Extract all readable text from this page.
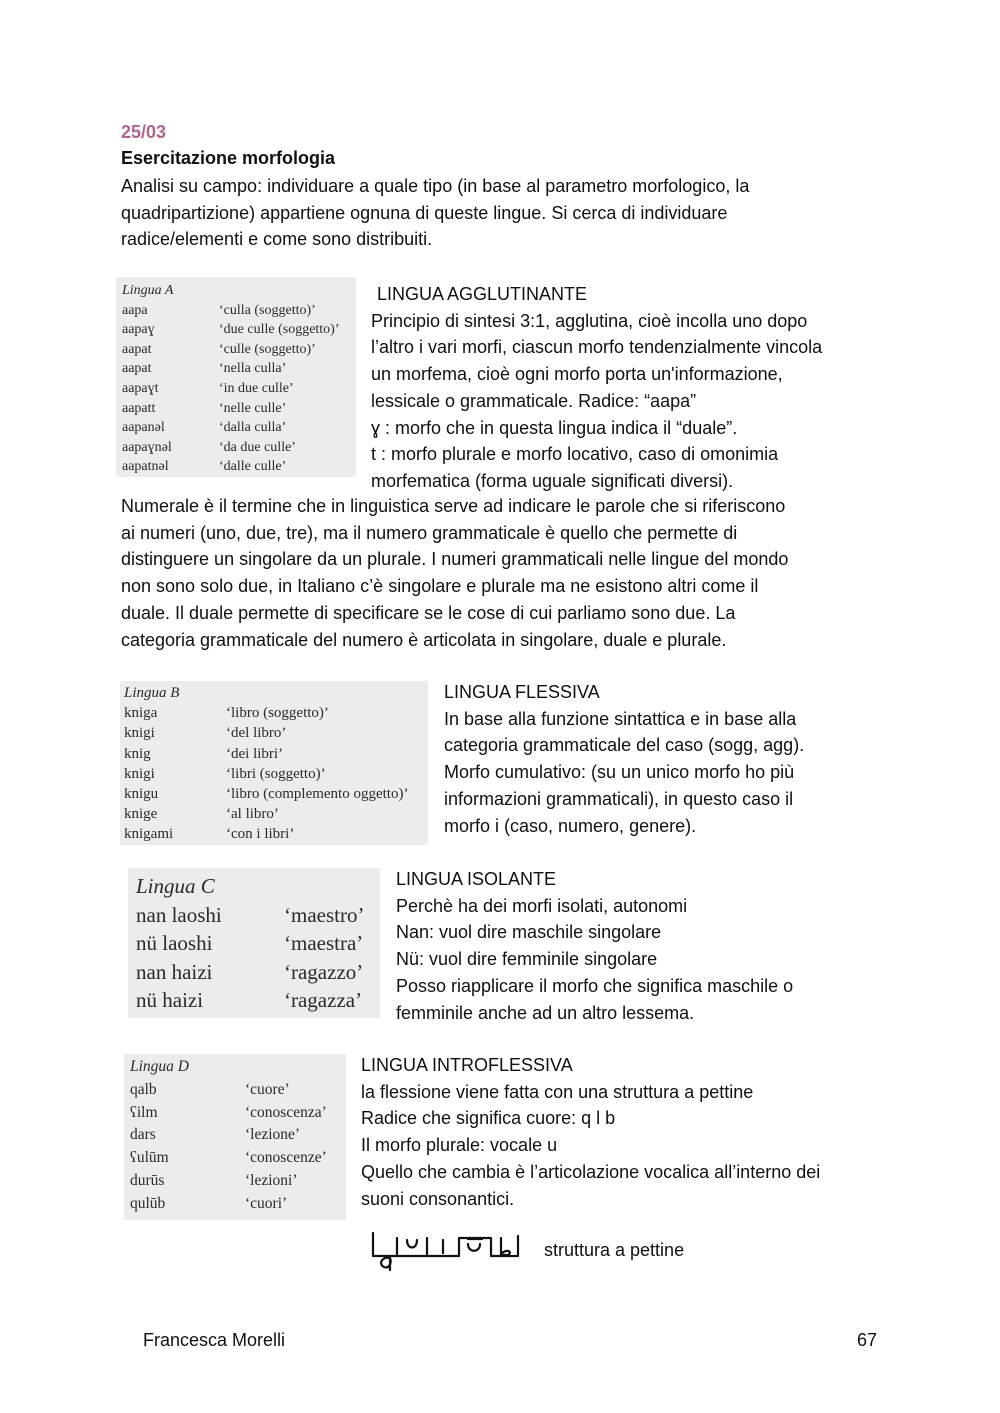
25/03
Esercitazione morfologia
Analisi su campo: individuare a quale tipo (in base al parametro morfologico, la
quadripartizione) appartiene ognuna di queste lingue. Si cerca di individuare
radice/elementi e come sono distribuiti.
Lingua A
aapa	‘culla (soggetto)’
aapaɣ	‘due culle (soggetto)’
aapat	‘culle (soggetto)’
aapat	‘nella culla’
aapaɣt	‘in due culle’
aapatt	‘nelle culle’
aapanəl	‘dalla culla’
aapaɣnəl	‘da due culle’
aapatnəl	‘dalle culle’
LINGUA AGGLUTINANTE
Principio di sintesi 3:1, agglutina, cioè incolla uno dopo
l’altro i vari morfi, ciascun morfo tendenzialmente vincola
un morfema, cioè ogni morfo porta un'informazione,
lessicale o grammaticale. Radice: “aapa”
ɣ : morfo che in questa lingua indica il “duale”.
t : morfo plurale e morfo locativo, caso di omonimia
morfematica (forma uguale significati diversi).
Numerale è il termine che in linguistica serve ad indicare le parole che si riferiscono
ai numeri (uno, due, tre), ma il numero grammaticale è quello che permette di
distinguere un singolare da un plurale. I numeri grammaticali nelle lingue del mondo
non sono solo due, in Italiano c’è singolare e plurale ma ne esistono altri come il
duale. Il duale permette di specificare se le cose di cui parliamo sono due. La
categoria grammaticale del numero è articolata in singolare, duale e plurale.
Lingua B
kniga	‘libro (soggetto)’
knigi	‘del libro’
knig	‘dei libri’
knigi	‘libri (soggetto)’
knigu	‘libro (complemento oggetto)’
knige	‘al libro’
knigami	‘con i libri’
LINGUA FLESSIVA
In base alla funzione sintattica e in base alla
categoria grammaticale del caso (sogg, agg).
Morfo cumulativo: (su un unico morfo ho più
informazioni grammaticali), in questo caso il
morfo i (caso, numero, genere).
Lingua C
nan laoshi	‘maestro’
nü laoshi	‘maestra’
nan haizi	‘ragazzo’
nü haizi	‘ragazza’
LINGUA ISOLANTE
Perchè ha dei morfi isolati, autonomi
Nan: vuol dire maschile singolare
Nü: vuol dire femminile singolare
Posso riapplicare il morfo che significa maschile o
femminile anche ad un altro lessema.
Lingua D
qalb	‘cuore’
ʕilm	‘conoscenza’
dars	‘lezione’
ʕulūm	‘conoscenze’
durūs	‘lezioni’
qulūb	‘cuori’
LINGUA INTROFLESSIVA
la flessione viene fatta con una struttura a pettine
Radice che significa cuore: q l b
Il morfo plurale: vocale u
Quello che cambia è l’articolazione vocalica all’interno dei
suoni consonantici.
struttura a pettine
Francesca Morelli	67
